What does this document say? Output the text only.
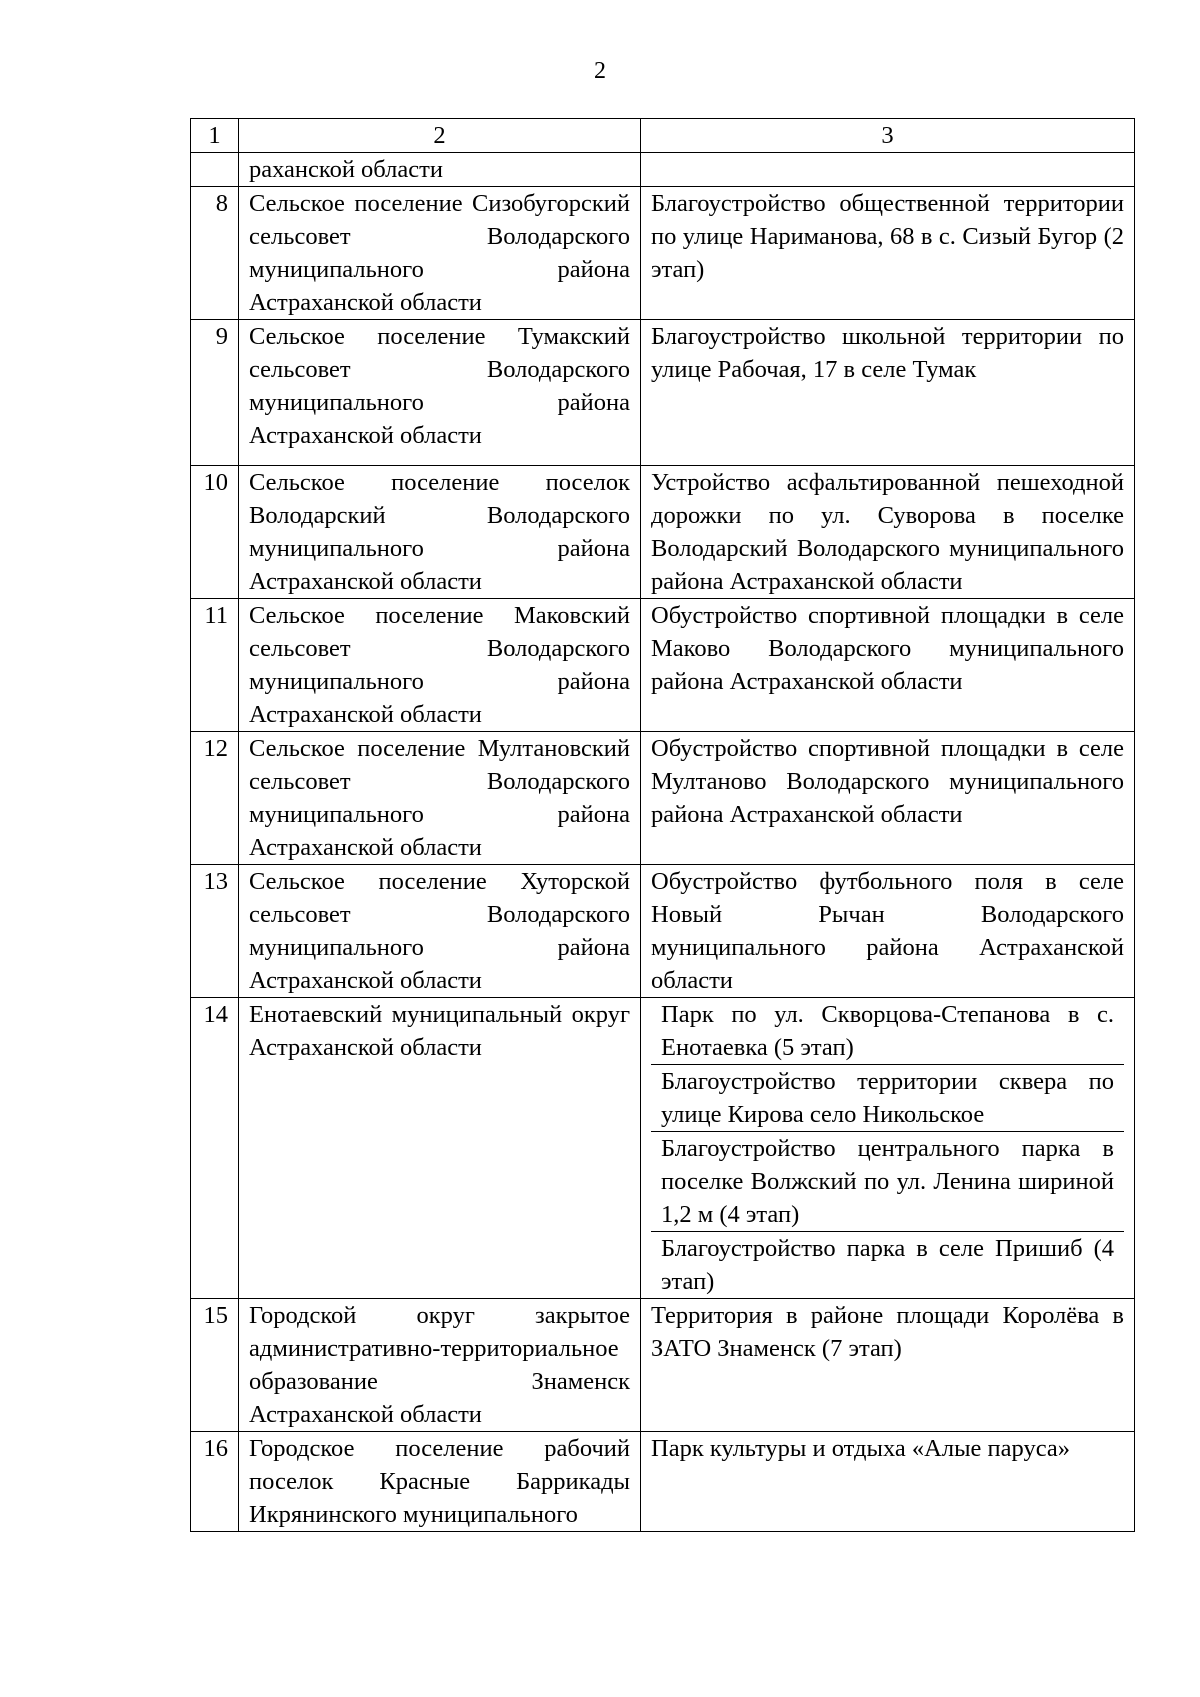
2
1	2	3
	раханской области	
8	Сельское поселение Сизобугорский сельсовет Володарского муниципального района Астраханской области	Благоустройство общественной территории по улице Нариманова, 68 в с. Сизый Бугор (2 этап)
9	Сельское поселение Тумакский сельсовет Володарского муниципального района Астраханской области	Благоустройство школьной территории по улице Рабочая, 17 в селе Тумак
10	Сельское поселение поселок Володарский Володарского муниципального района Астраханской области	Устройство асфальтированной пешеходной дорожки по ул. Суворова в поселке Володарский Володарского муниципального района Астраханской области
11	Сельское поселение Маковский сельсовет Володарского муниципального района Астраханской области	Обустройство спортивной площадки в селе Маково Володарского муниципального района Астраханской области
12	Сельское поселение Мултановский сельсовет Володарского муниципального района Астраханской области	Обустройство спортивной площадки в селе Мултаново Володарского муниципального района Астраханской области
13	Сельское поселение Хуторской сельсовет Володарского муниципального района Астраханской области	Обустройство футбольного поля в селе Новый Рычан Володарского муниципального района Астраханской области
14	Енотаевский муниципальный округ Астраханской области	Парк по ул. Скворцова-Степанова в с. Енотаевка (5 этап)
Благоустройство территории сквера по улице Кирова село Никольское
Благоустройство центрального парка в поселке Волжский по ул. Ленина шириной 1,2 м (4 этап)
Благоустройство парка в селе Пришиб (4 этап)

15	Городской округ закрытое административно-территориальное образование Знаменск Астраханской области	Территория в районе площади Королёва в ЗАТО Знаменск (7 этап)
16	Городское поселение рабочий поселок Красные Баррикады Икрянинского муниципального	Парк культуры и отдыха «Алые паруса»
